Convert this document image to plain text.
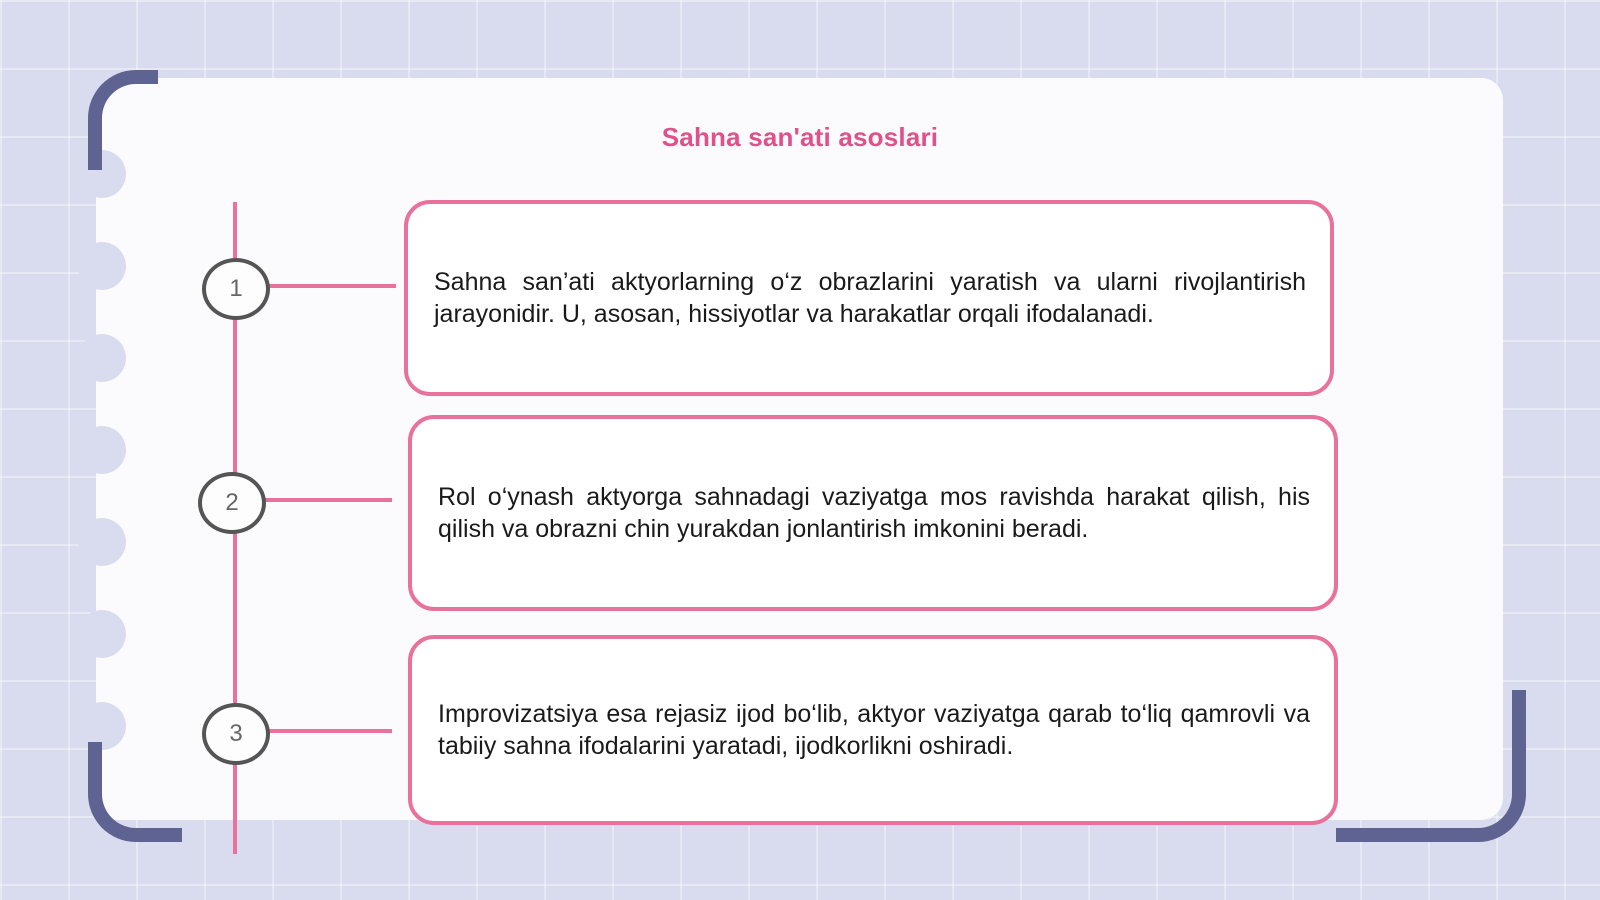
Sahna san'ati asoslari
1	Sahna san’ati aktyorlarning o‘z obrazlarini yaratish va ularni rivojlantirish jarayonidir. U, asosan, hissiyotlar va harakatlar orqali ifodalanadi.

2	Rol o‘ynash aktyorga sahnadagi vaziyatga mos ravishda harakat qilish, his qilish va obrazni chin yurakdan jonlantirish imkonini beradi.

3

Improvizatsiya esa rejasiz ijod bo‘lib, aktyor vaziyatga qarab to‘liq qamrovli va tabiiy sahna ifodalarini yaratadi, ijodkorlikni oshiradi.
